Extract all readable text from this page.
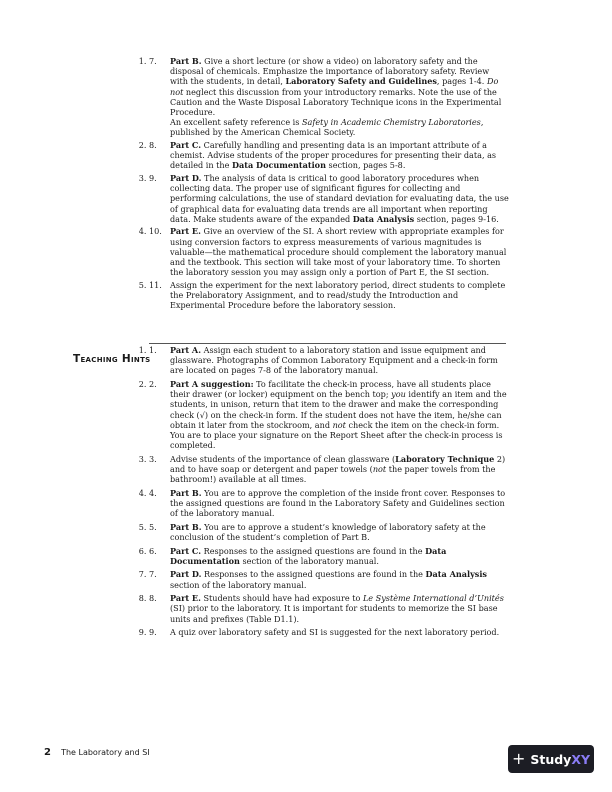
1. 7.	Part B. Give a short lecture (or show a video) on laboratory safety and the disposal of chemicals. Emphasize the importance of laboratory safety. Review with the students, in detail, Laboratory Safety and Guidelines, pages 1-4. Do not neglect this discussion from your introductory remarks. Note the use of the Caution and the Waste Disposal Laboratory Technique icons in the Experimental Procedure.

An excellent safety reference is Safety in Academic Chemistry Laboratories, published by the American Chemical Society.

2. 8.	Part C. Carefully handling and presenting data is an important attribute of a chemist. Advise students of the proper procedures for presenting their data, as detailed in the Data Documentation section, pages 5-8.

3. 9.	Part D. The analysis of data is critical to good laboratory procedures when collecting data. The proper use of significant figures for collecting and performing calculations, the use of standard deviation for evaluating data, the use of graphical data for evaluating data trends are all important when reporting data. Make students aware of the expanded Data Analysis section, pages 9-16.

4. 10.	Part E. Give an overview of the SI. A short review with appropriate examples for using conversion factors to express measurements of various magnitudes is valuable—the mathematical procedure should complement the laboratory manual and the textbook. This section will take most of your laboratory time. To shorten the laboratory session you may assign only a portion of Part E, the SI section.

5. 11.	Assign the experiment for the next laboratory period, direct students to complete the Prelaboratory Assignment, and to read/study the Introduction and Experimental Procedure before the laboratory session.

Teaching Hints
1. 1.	Part A. Assign each student to a laboratory station and issue equipment and glassware. Photographs of Common Laboratory Equipment and a check-in form are located on pages 7-8 of the laboratory manual.

2. 2.	Part A suggestion: To facilitate the check-in process, have all students place their drawer (or locker) equipment on the bench top; you identify an item and the students, in unison, return that item to the drawer and make the corresponding check (√) on the check-in form. If the student does not have the item, he/she can obtain it later from the stockroom, and not check the item on the check-in form.

You are to place your signature on the Report Sheet after the check-in process is completed.

3. 3.	Advise students of the importance of clean glassware (Laboratory Technique 2) and to have soap or detergent and paper towels (not the paper towels from the bathroom!) available at all times.

4. 4.	Part B. You are to approve the completion of the inside front cover. Responses to the assigned questions are found in the Laboratory Safety and Guidelines section of the laboratory manual.

5. 5.	Part B. You are to approve a student’s knowledge of laboratory safety at the conclusion of the student’s completion of Part B.

6. 6.	Part C. Responses to the assigned questions are found in the Data Documentation section of the laboratory manual.

7. 7.	Part D. Responses to the assigned questions are found in the Data Analysis section of the laboratory manual.

8. 8.	Part E. Students should have had exposure to Le Système International d’Unités (SI) prior to the laboratory. It is important for students to memorize the SI base units and prefixes (Table D1.1).

9. 9.	A quiz over laboratory safety and SI is suggested for the next laboratory period.

2 The Laboratory and SI	+ StudyXY
